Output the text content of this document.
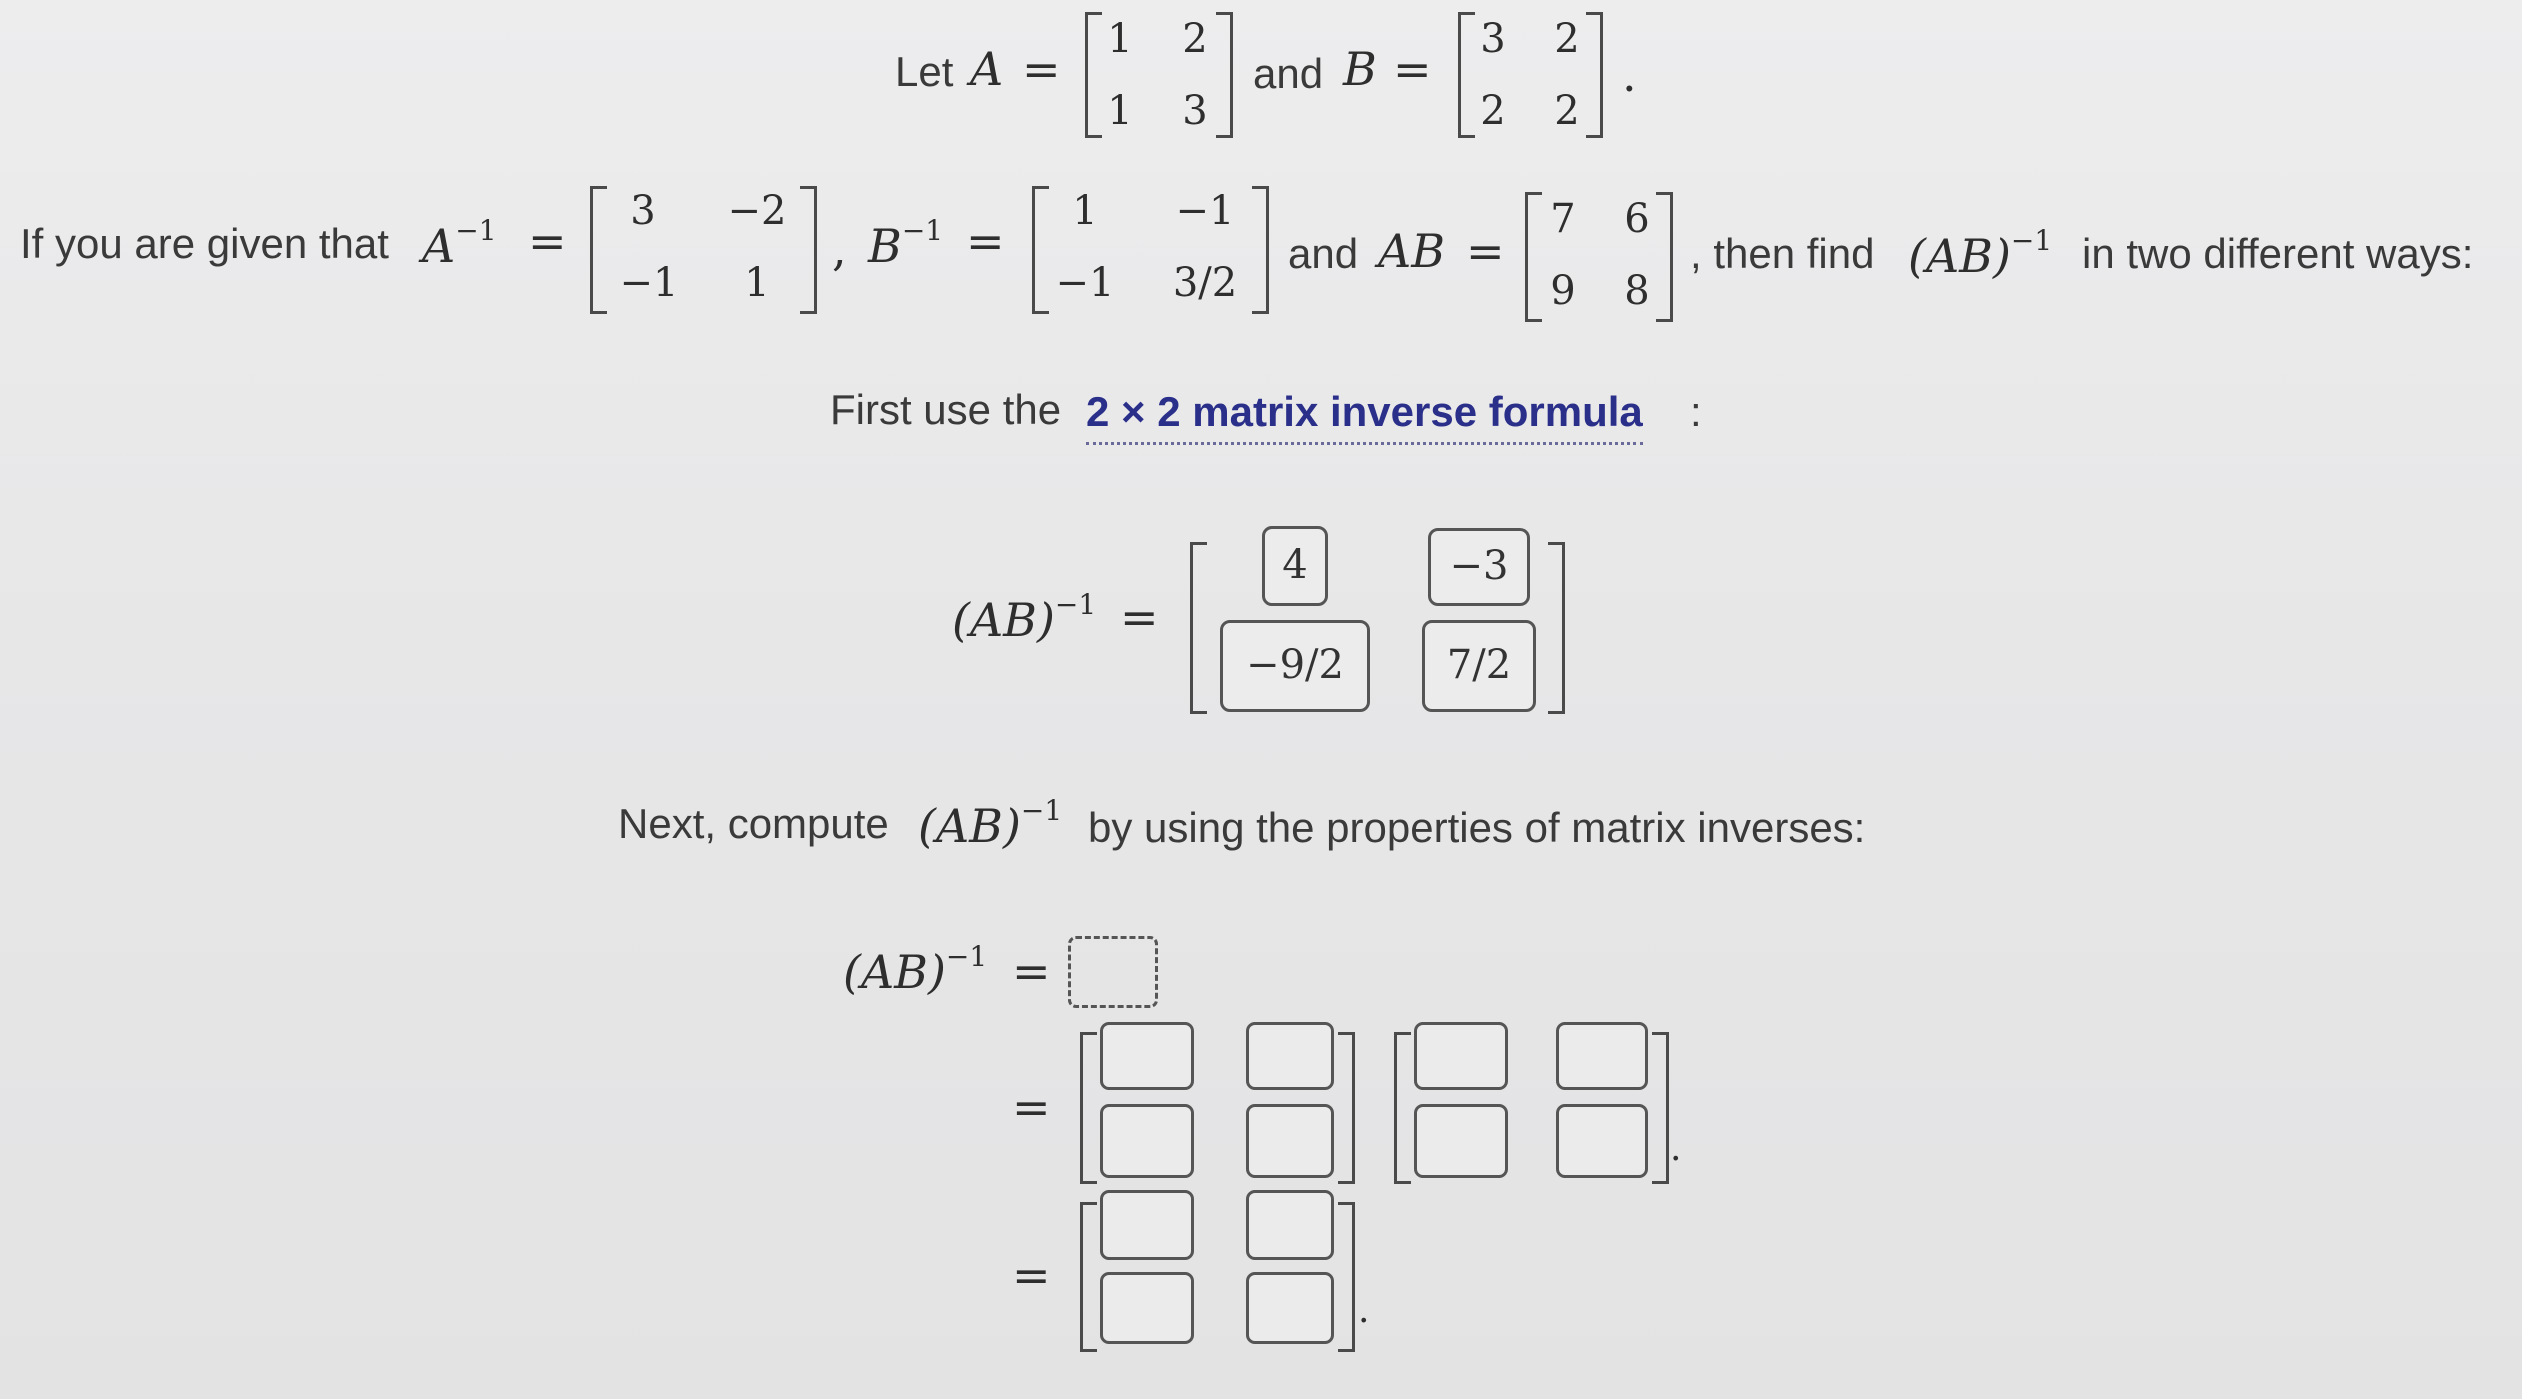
Let A =
1	2
1	3
and B =
3	2
2	2
.
If you are given that $A^{-1}$ =
3	−2
−1	1
, $B^{-1}$ =
1	−1
−1	3/2
and AB =
7	6
9	8
, then find (AB)$^{-1}$ in two different ways:
First use the 2 × 2 matrix inverse formula :
(AB)$^{-1}$ =
4	−3
−9/2	7/2
Next, compute (AB)$^{-1}$ by using the properties of matrix inverses:
(AB)$^{-1}$ =
=
.
=
.
